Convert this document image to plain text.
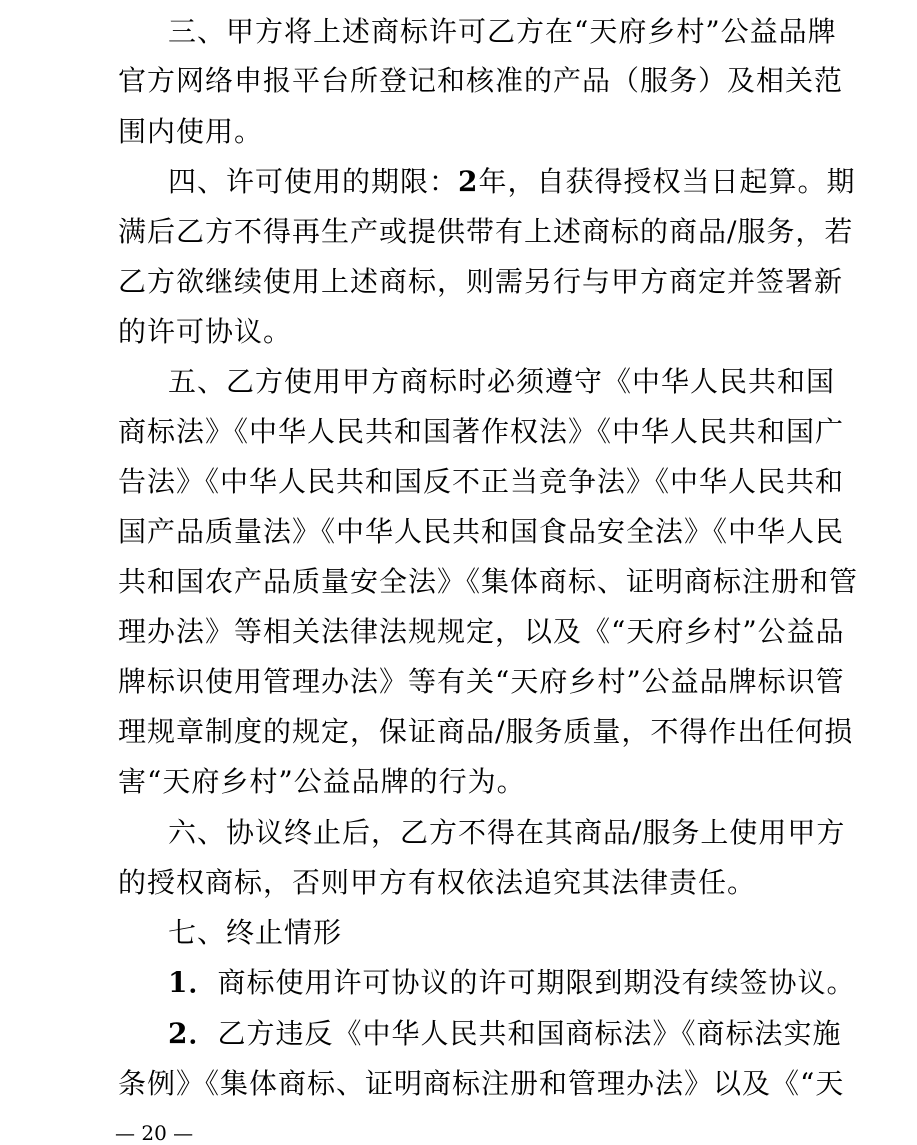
三、甲方将上述商标许可乙方在“天府乡村”公益品牌
官方网络申报平台所登记和核准的产品（服务）及相关范
围内使用。
四、许可使用的期限：2年，自获得授权当日起算。期
满后乙方不得再生产或提供带有上述商标的商品/服务，若
乙方欲继续使用上述商标，则需另行与甲方商定并签署新
的许可协议。
五、乙方使用甲方商标时必须遵守《中华人民共和国
商标法》《中华人民共和国著作权法》《中华人民共和国广
告法》《中华人民共和国反不正当竞争法》《中华人民共和
国产品质量法》《中华人民共和国食品安全法》《中华人民
共和国农产品质量安全法》《集体商标、证明商标注册和管
理办法》等相关法律法规规定，以及《“天府乡村”公益品
牌标识使用管理办法》等有关“天府乡村”公益品牌标识管
理规章制度的规定，保证商品/服务质量，不得作出任何损
害“天府乡村”公益品牌的行为。
六、协议终止后，乙方不得在其商品/服务上使用甲方
的授权商标，否则甲方有权依法追究其法律责任。
七、终止情形
1．商标使用许可协议的许可期限到期没有续签协议。
2．乙方违反《中华人民共和国商标法》《商标法实施
条例》《集体商标、证明商标注册和管理办法》以及《“天
— 20 —
